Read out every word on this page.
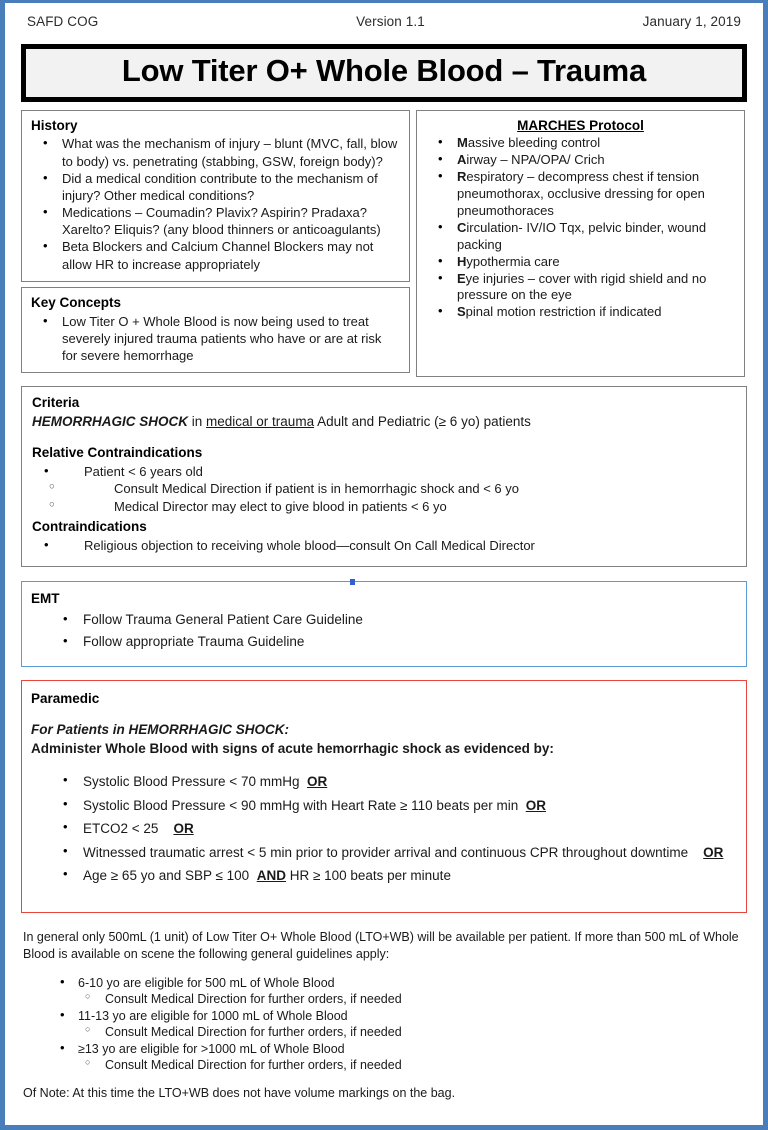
SAFD COG	Version 1.1	January 1, 2019
Low Titer O+ Whole Blood – Trauma
History
• What was the mechanism of injury – blunt (MVC, fall, blow to body) vs. penetrating (stabbing, GSW, foreign body)?
• Did a medical condition contribute to the mechanism of injury? Other medical conditions?
• Medications – Coumadin? Plavix? Aspirin? Pradaxa? Xarelto? Eliquis? (any blood thinners or anticoagulants)
• Beta Blockers and Calcium Channel Blockers may not allow HR to increase appropriately
Key Concepts
• Low Titer O + Whole Blood is now being used to treat severely injured trauma patients who have or are at risk for severe hemorrhage
MARCHES Protocol
• Massive bleeding control
• Airway – NPA/OPA/ Crich
• Respiratory – decompress chest if tension pneumothorax, occlusive dressing for open pneumothoraces
• Circulation- IV/IO Tqx, pelvic binder, wound packing
• Hypothermia care
• Eye injuries – cover with rigid shield and no pressure on the eye
• Spinal motion restriction if indicated
Criteria
HEMORRHAGIC SHOCK in medical or trauma Adult and Pediatric (≥ 6 yo) patients
Relative Contraindications
• Patient < 6 years old
○ Consult Medical Direction if patient is in hemorrhagic shock and < 6 yo
○ Medical Director may elect to give blood in patients < 6 yo
Contraindications
• Religious objection to receiving whole blood—consult On Call Medical Director
EMT
• Follow Trauma General Patient Care Guideline
• Follow appropriate Trauma Guideline
Paramedic
For Patients in HEMORRHAGIC SHOCK:
Administer Whole Blood with signs of acute hemorrhagic shock as evidenced by:
• Systolic Blood Pressure < 70 mmHg OR
• Systolic Blood Pressure < 90 mmHg with Heart Rate ≥ 110 beats per min OR
• ETCO2 < 25 OR
• Witnessed traumatic arrest < 5 min prior to provider arrival and continuous CPR throughout downtime OR
• Age ≥ 65 yo and SBP ≤ 100 AND HR ≥ 100 beats per minute
In general only 500mL (1 unit) of Low Titer O+ Whole Blood (LTO+WB) will be available per patient. If more than 500 mL of Whole Blood is available on scene the following general guidelines apply:
• 6-10 yo are eligible for 500 mL of Whole Blood
○ Consult Medical Direction for further orders, if needed
• 11-13 yo are eligible for 1000 mL of Whole Blood
○ Consult Medical Direction for further orders, if needed
• ≥13 yo are eligible for >1000 mL of Whole Blood
○ Consult Medical Direction for further orders, if needed
Of Note: At this time the LTO+WB does not have volume markings on the bag.
